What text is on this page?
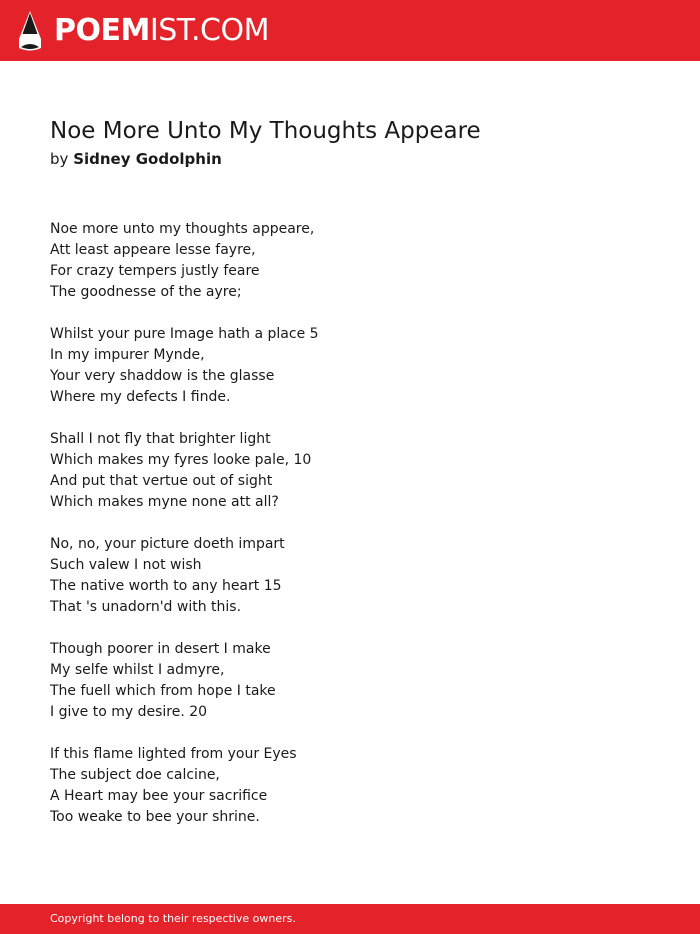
POEMIST.COM
Noe More Unto My Thoughts Appeare
by Sidney Godolphin
Noe more unto my thoughts appeare,
Att least appeare lesse fayre,
For crazy tempers justly feare
The goodnesse of the ayre;
Whilst your pure Image hath a place 5
In my impurer Mynde,
Your very shaddow is the glasse
Where my defects I finde.
Shall I not fly that brighter light
Which makes my fyres looke pale, 10
And put that vertue out of sight
Which makes myne none att all?
No, no, your picture doeth impart
Such valew I not wish
The native worth to any heart 15
That 's unadorn'd with this.
Though poorer in desert I make
My selfe whilst I admyre,
The fuell which from hope I take
I give to my desire. 20
If this flame lighted from your Eyes
The subject doe calcine,
A Heart may bee your sacrifice
Too weake to bee your shrine.
Copyright belong to their respective owners.
